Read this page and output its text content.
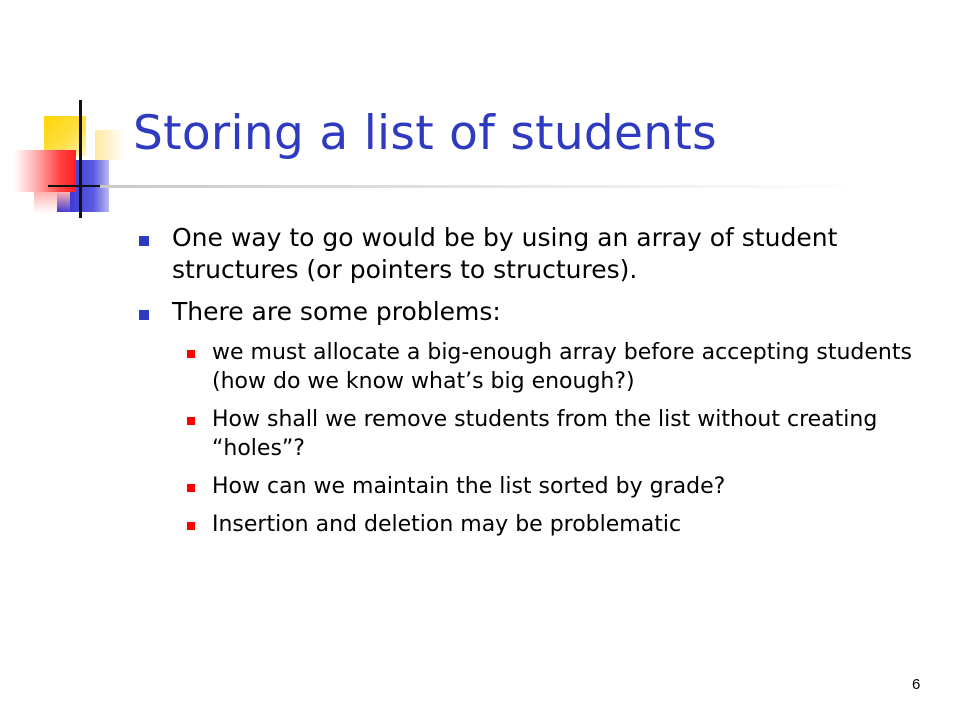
Storing a list of students
One way to go would be by using an array of student structures (or pointers to structures).
There are some problems:
we must allocate a big-enough array before accepting students (how do we know what’s big enough?)
How shall we remove students from the list without creating “holes”?
How can we maintain the list sorted by grade?
Insertion and deletion may be problematic
6
